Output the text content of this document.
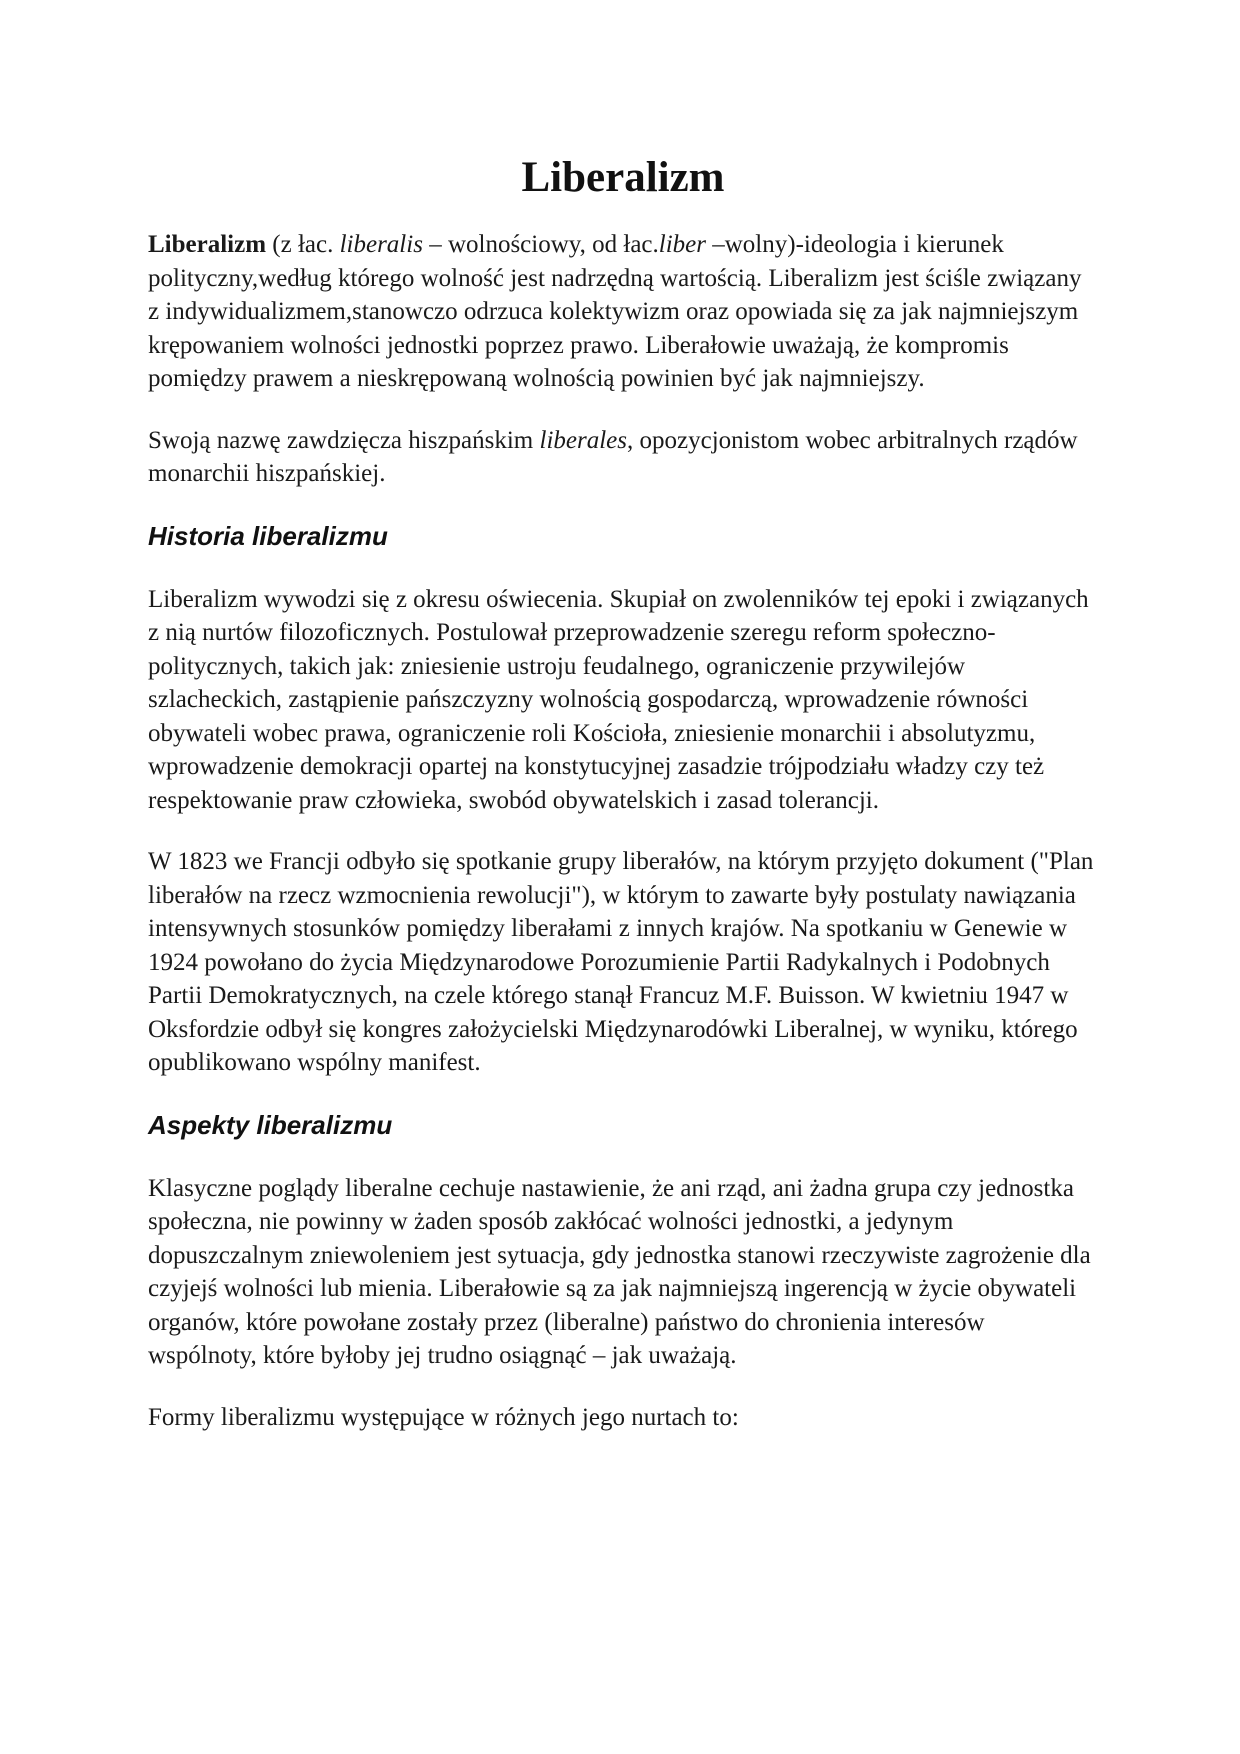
Liberalizm

Liberalizm (z łac. liberalis – wolnościowy, od łac.liber –wolny)-ideologia i kierunek polityczny,według którego wolność jest nadrzędną wartością. Liberalizm jest ściśle związany z indywidualizmem,stanowczo odrzuca kolektywizm oraz opowiada się za jak najmniejszym krępowaniem wolności jednostki poprzez prawo. Liberałowie uważają, że kompromis pomiędzy prawem a nieskrępowaną wolnością powinien być jak najmniejszy.

Swoją nazwę zawdzięcza hiszpańskim liberales, opozycjonistom wobec arbitralnych rządów monarchii hiszpańskiej.

Historia liberalizmu

Liberalizm wywodzi się z okresu oświecenia. Skupiał on zwolenników tej epoki i związanych z nią nurtów filozoficznych. Postulował przeprowadzenie szeregu reform społeczno-politycznych, takich jak: zniesienie ustroju feudalnego, ograniczenie przywilejów szlacheckich, zastąpienie pańszczyzny wolnością gospodarczą, wprowadzenie równości obywateli wobec prawa, ograniczenie roli Kościoła, zniesienie monarchii i absolutyzmu, wprowadzenie demokracji opartej na konstytucyjnej zasadzie trójpodziału władzy czy też respektowanie praw człowieka, swobód obywatelskich i zasad tolerancji.

W 1823 we Francji odbyło się spotkanie grupy liberałów, na którym przyjęto dokument ("Plan liberałów na rzecz wzmocnienia rewolucji"), w którym to zawarte były postulaty nawiązania intensywnych stosunków pomiędzy liberałami z innych krajów. Na spotkaniu w Genewie w 1924 powołano do życia Międzynarodowe Porozumienie Partii Radykalnych i Podobnych Partii Demokratycznych, na czele którego stanął Francuz M.F. Buisson. W kwietniu 1947 w Oksfordzie odbył się kongres założycielski Międzynarodówki Liberalnej, w wyniku, którego opublikowano wspólny manifest.

Aspekty liberalizmu

Klasyczne poglądy liberalne cechuje nastawienie, że ani rząd, ani żadna grupa czy jednostka społeczna, nie powinny w żaden sposób zakłócać wolności jednostki, a jedynym dopuszczalnym zniewoleniem jest sytuacja, gdy jednostka stanowi rzeczywiste zagrożenie dla czyjejś wolności lub mienia. Liberałowie są za jak najmniejszą ingerencją w życie obywateli organów, które powołane zostały przez (liberalne) państwo do chronienia interesów wspólnoty, które byłoby jej trudno osiągnąć – jak uważają.

Formy liberalizmu występujące w różnych jego nurtach to:
